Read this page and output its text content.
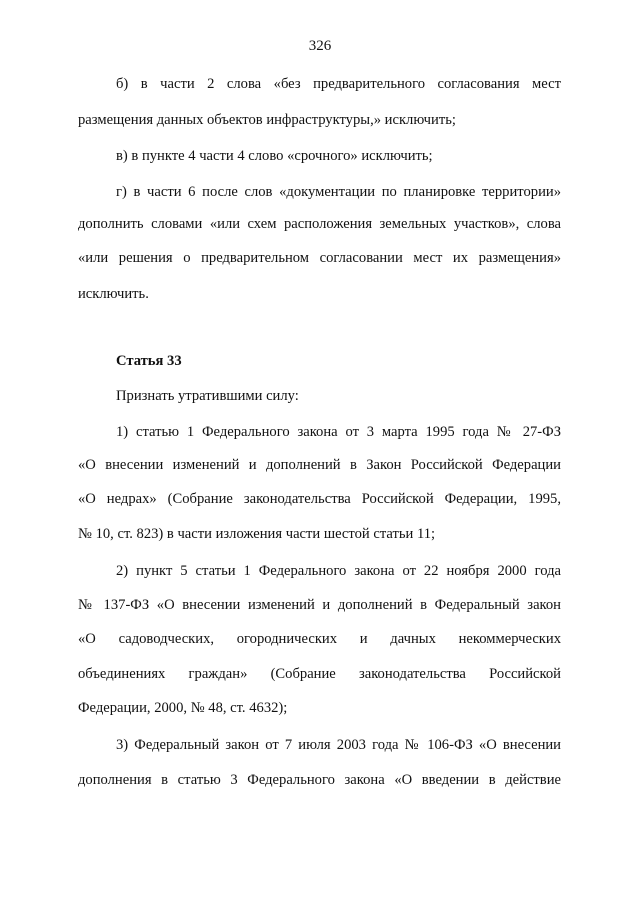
326
б) в части 2 слова «без предварительного согласования мест
размещения данных объектов инфраструктуры,» исключить;
в) в пункте 4 части 4 слово «срочного» исключить;
г) в части 6 после слов «документации по планировке территории»
дополнить словами «или схем расположения земельных участков», слова
«или решения о предварительном согласовании мест их размещения»
исключить.
Статья 33
Признать утратившими силу:
1) статью 1 Федерального закона от 3 марта 1995 года № 27-ФЗ
«О внесении изменений и дополнений в Закон Российской Федерации
«О недрах» (Собрание законодательства Российской Федерации, 1995,
№ 10, ст. 823) в части изложения части шестой статьи 11;
2) пункт 5 статьи 1 Федерального закона от 22 ноября 2000 года
№ 137-ФЗ «О внесении изменений и дополнений в Федеральный закон
«О садоводческих, огороднических и дачных некоммерческих
объединениях граждан» (Собрание законодательства Российской
Федерации, 2000, № 48, ст. 4632);
3) Федеральный закон от 7 июля 2003 года № 106-ФЗ «О внесении
дополнения в статью 3 Федерального закона «О введении в действие
